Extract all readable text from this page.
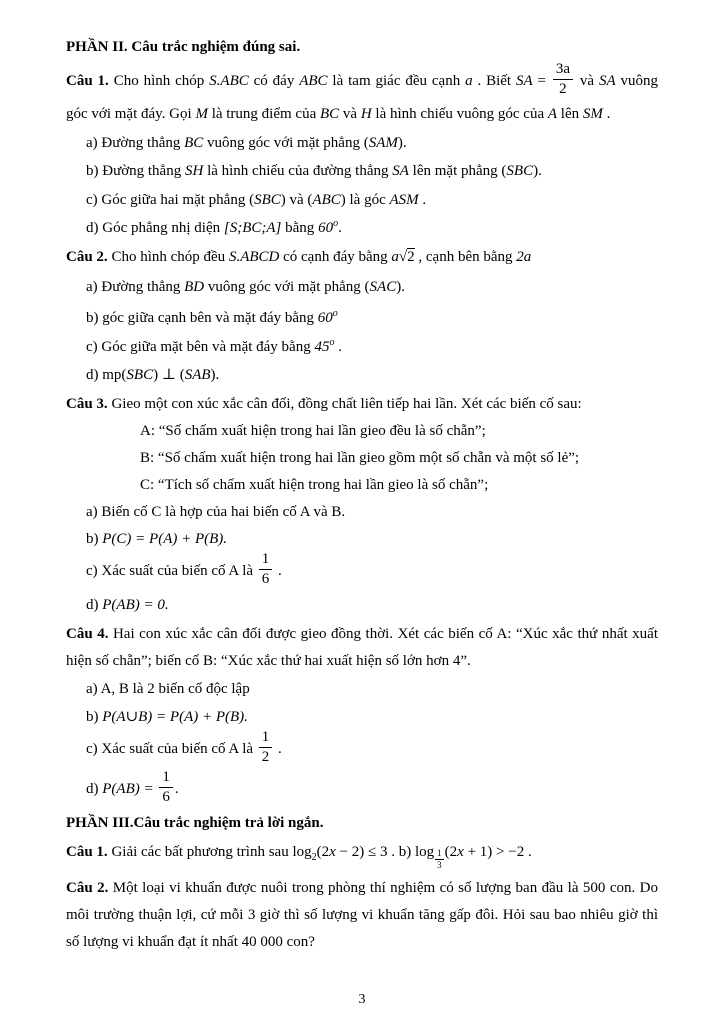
PHẦN II. Câu trắc nghiệm đúng sai.

Câu 1. Cho hình chóp S.ABC có đáy ABC là tam giác đều cạnh a . Biết SA = $\frac{3a}{2}$ và SA vuông góc với mặt đáy. Gọi M là trung điểm của BC và H là hình chiếu vuông góc của A lên SM .

a) Đường thẳng BC vuông góc với mặt phẳng (SAM).

b) Đường thẳng SH là hình chiếu của đường thẳng SA lên mặt phẳng (SBC).

c) Góc giữa hai mặt phẳng (SBC) và (ABC) là góc ASM .

d) Góc phẳng nhị diện [S;BC;A] bằng 60$^o$.

Câu 2. Cho hình chóp đều S.ABCD có cạnh đáy bằng a√2 , cạnh bên bằng 2a

a) Đường thẳng BD vuông góc với mặt phẳng (SAC).

b) góc giữa cạnh bên và mặt đáy bằng 60$^o$

c) Góc giữa mặt bên và mặt đáy bằng 45$^o$ .

d) mp(SBC) ⊥ (SAB).

Câu 3. Gieo một con xúc xắc cân đối, đồng chất liên tiếp hai lần. Xét các biến cố sau:

A: “Số chấm xuất hiện trong hai lần gieo đều là số chẵn”;

B: “Số chấm xuất hiện trong hai lần gieo gồm một số chẵn và một số lẻ”;

C: “Tích số chấm xuất hiện trong hai lần gieo là số chẵn”;

a) Biến cố C là hợp của hai biến cố A và B.

b) P(C) = P(A) + P(B).

c) Xác suất của biến cố A là $\frac{1}{6}$ .

d) P(AB) = 0.

Câu 4. Hai con xúc xắc cân đối được gieo đồng thời. Xét các biến cố A: “Xúc xắc thứ nhất xuất hiện số chẵn”; biến cố B: “Xúc xắc thứ hai xuất hiện số lớn hơn 4”.

a) A, B là 2 biến cố độc lập

b) P(A∪B) = P(A) + P(B).

c) Xác suất của biến cố A là $\frac{1}{2}$ .

d) $P(AB) = \frac{1}{6}$ .

PHẦN III.Câu trắc nghiệm trả lời ngắn.

Câu 1. Giải các bất phương trình sau $\log_2(2x - 2) \le 3$ . b) $\log \frac{1}{3} (2x + 1) > -2$ .

Câu 2. Một loại vi khuẩn được nuôi trong phòng thí nghiệm có số lượng ban đầu là 500 con. Do môi trường thuận lợi, cứ mỗi 3 giờ thì số lượng vi khuẩn tăng gấp đôi. Hỏi sau bao nhiêu giờ thì số lượng vi khuẩn đạt ít nhất 40 000 con?

3
